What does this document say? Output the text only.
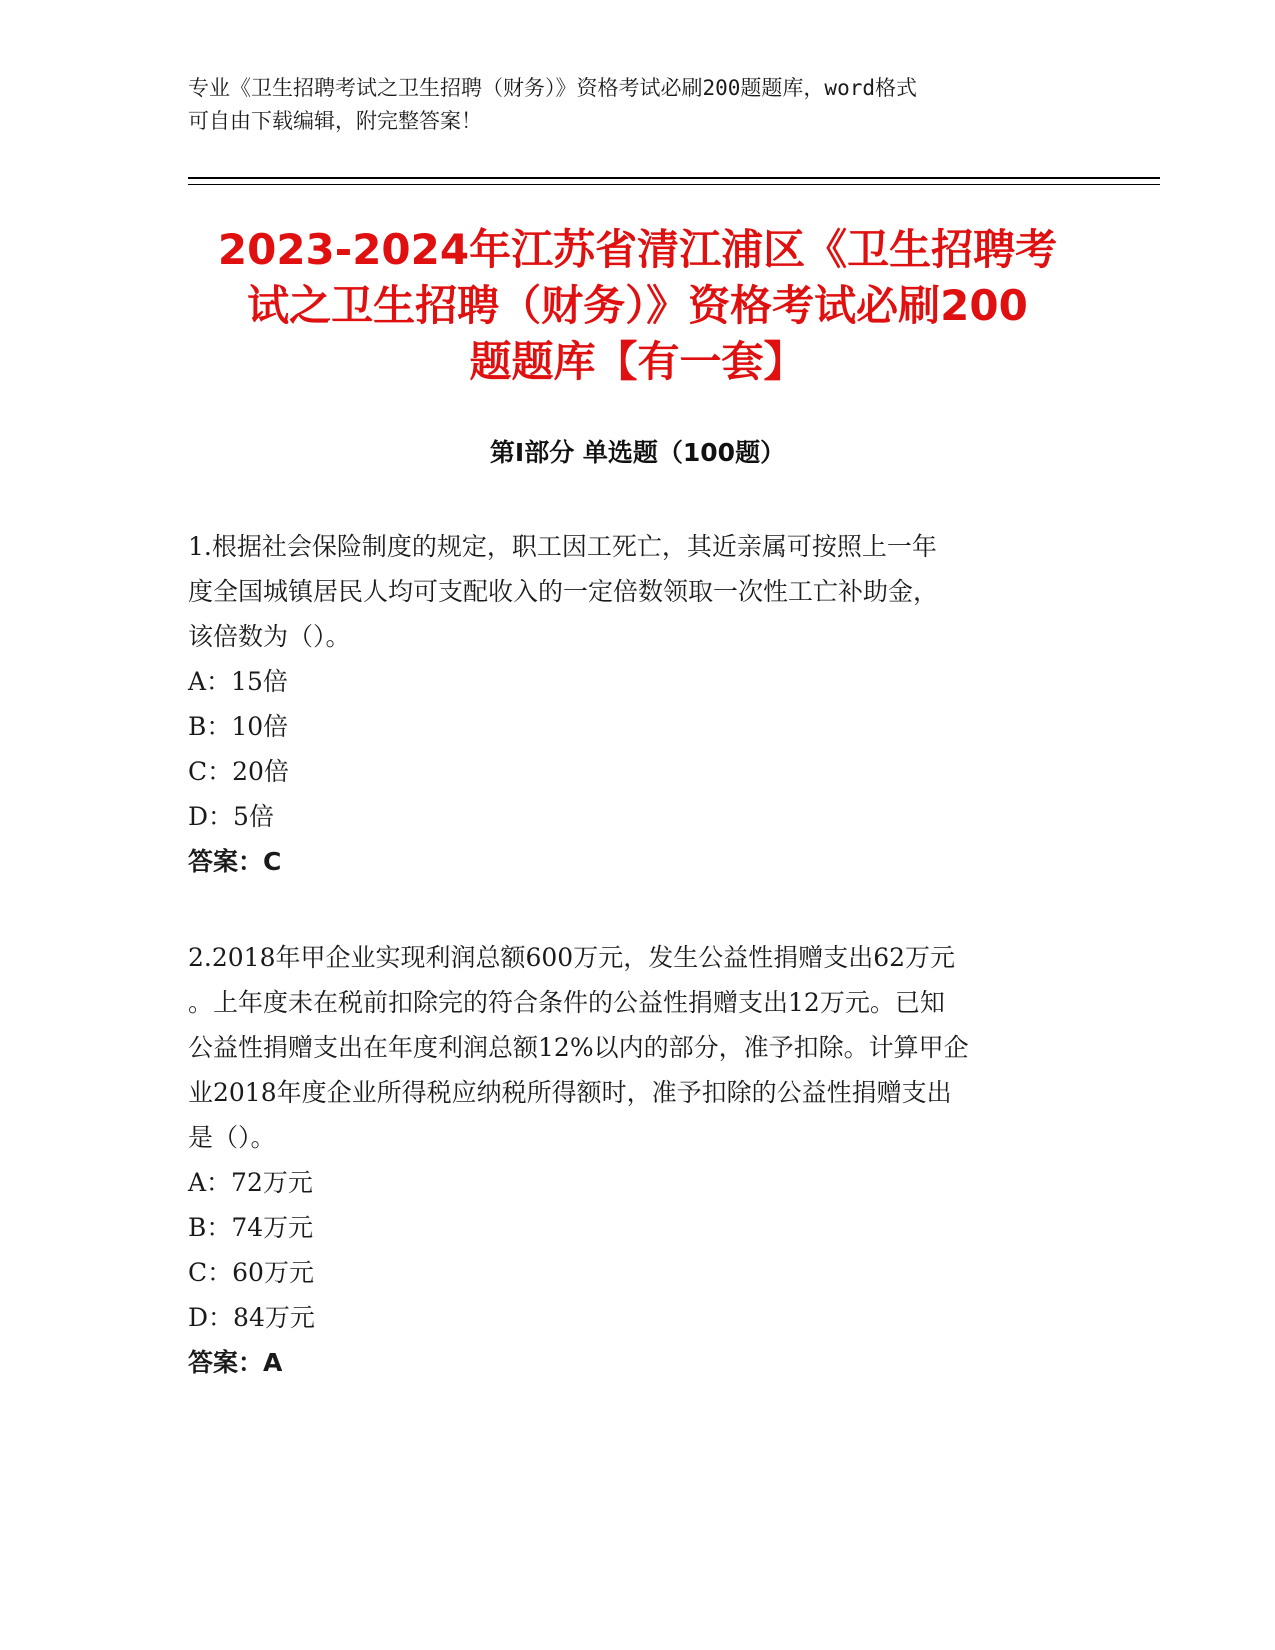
专业《卫生招聘考试之卫生招聘（财务）》资格考试必刷200题题库，word格式
可自由下载编辑，附完整答案！
2023-2024年江苏省清江浦区《卫生招聘考
试之卫生招聘（财务）》资格考试必刷200
题题库【有一套】
第Ⅰ部分 单选题（100题）
1.根据社会保险制度的规定，职工因工死亡，其近亲属可按照上一年
度全国城镇居民人均可支配收入的一定倍数领取一次性工亡补助金，
该倍数为（）。
A：15倍
B：10倍
C：20倍
D：5倍
答案：C
2.2018年甲企业实现利润总额600万元，发生公益性捐赠支出62万元
。上年度未在税前扣除完的符合条件的公益性捐赠支出12万元。已知
公益性捐赠支出在年度利润总额12%以内的部分，准予扣除。计算甲企
业2018年度企业所得税应纳税所得额时，准予扣除的公益性捐赠支出
是（）。
A：72万元
B：74万元
C：60万元
D：84万元
答案：A
